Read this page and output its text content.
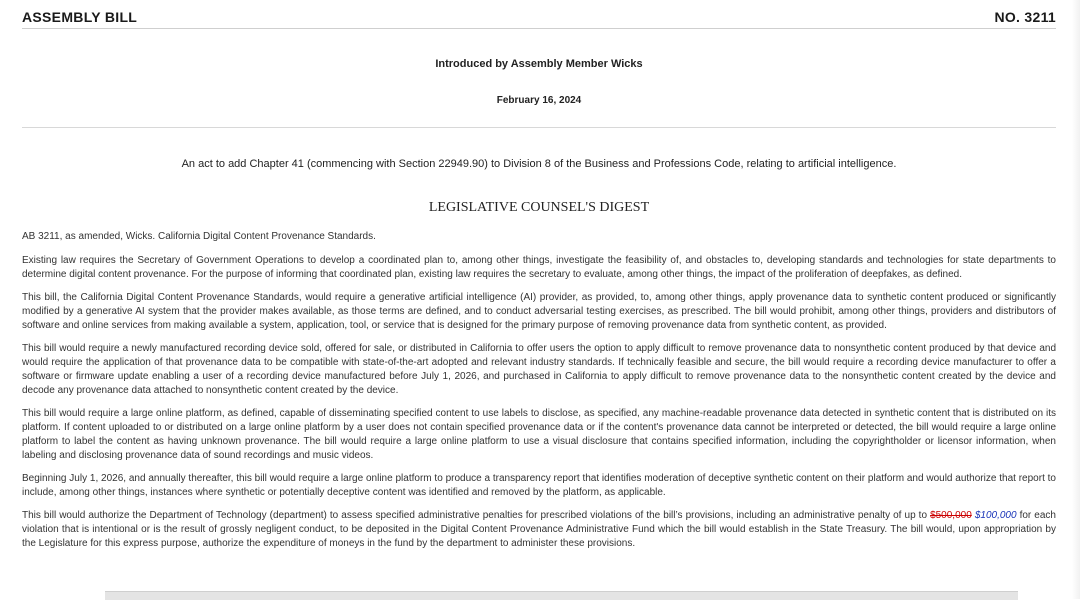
ASSEMBLY BILL	NO. 3211
Introduced by Assembly Member Wicks
February 16, 2024
An act to add Chapter 41 (commencing with Section 22949.90) to Division 8 of the Business and Professions Code, relating to artificial intelligence.
LEGISLATIVE COUNSEL'S DIGEST

AB 3211, as amended, Wicks. California Digital Content Provenance Standards.

Existing law requires the Secretary of Government Operations to develop a coordinated plan to, among other things, investigate the feasibility of, and obstacles to, developing standards and technologies for state departments to determine digital content provenance. For the purpose of informing that coordinated plan, existing law requires the secretary to evaluate, among other things, the impact of the proliferation of deepfakes, as defined.

This bill, the California Digital Content Provenance Standards, would require a generative artificial intelligence (AI) provider, as provided, to, among other things, apply provenance data to synthetic content produced or significantly modified by a generative AI system that the provider makes available, as those terms are defined, and to conduct adversarial testing exercises, as prescribed. The bill would prohibit, among other things, providers and distributors of software and online services from making available a system, application, tool, or service that is designed for the primary purpose of removing provenance data from synthetic content, as provided.

This bill would require a newly manufactured recording device sold, offered for sale, or distributed in California to offer users the option to apply difficult to remove provenance data to nonsynthetic content produced by that device and would require the application of that provenance data to be compatible with state-of-the-art adopted and relevant industry standards. If technically feasible and secure, the bill would require a recording device manufacturer to offer a software or firmware update enabling a user of a recording device manufactured before July 1, 2026, and purchased in California to apply difficult to remove provenance data to the nonsynthetic content created by the device and decode any provenance data attached to nonsynthetic content created by the device.

This bill would require a large online platform, as defined, capable of disseminating specified content to use labels to disclose, as specified, any machine-readable provenance data detected in synthetic content that is distributed on its platform. If content uploaded to or distributed on a large online platform by a user does not contain specified provenance data or if the content's provenance data cannot be interpreted or detected, the bill would require a large online platform to label the content as having unknown provenance. The bill would require a large online platform to use a visual disclosure that contains specified information, including the copyrightholder or licensor information, when labeling and disclosing provenance data of sound recordings and music videos.

Beginning July 1, 2026, and annually thereafter, this bill would require a large online platform to produce a transparency report that identifies moderation of deceptive synthetic content on their platform and would authorize that report to include, among other things, instances where synthetic or potentially deceptive content was identified and removed by the platform, as applicable.

This bill would authorize the Department of Technology (department) to assess specified administrative penalties for prescribed violations of the bill’s provisions, including an administrative penalty of up to $500,000 $100,000 for each violation that is intentional or is the result of grossly negligent conduct, to be deposited in the Digital Content Provenance Administrative Fund which the bill would establish in the State Treasury. The bill would, upon appropriation by the Legislature for this express purpose, authorize the expenditure of moneys in the fund by the department to administer these provisions.
